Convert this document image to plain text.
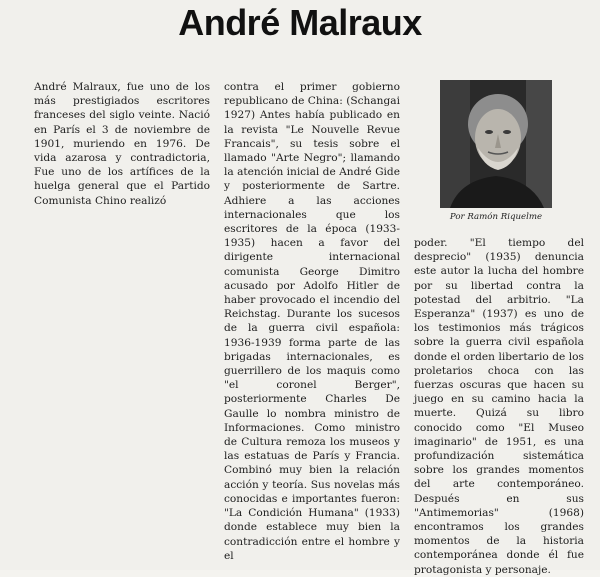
André Malraux

André Malraux, fue uno de los más prestigiados escritores franceses del siglo veinte. Nació en París el 3 de noviembre de 1901, muriendo en 1976. De vida azarosa y contradictoria, Fue uno de los artífices de la huelga general que el Partido Comunista Chino realizó

contra el primer gobierno republicano de China: (Schangai 1927) Antes había publicado en la revista "Le Nouvelle Revue Francais", su tesis sobre el llamado "Arte Negro"; llamando la atención inicial de André Gide y posteriormente de Sartre. Adhiere a las acciones internacionales que los escritores de la época (1933-1935) hacen a favor del dirigente internacional comunista George Dimitro acusado por Adolfo Hitler de haber provocado el incendio del Reichstag. Durante los sucesos de la guerra civil española: 1936-1939 forma parte de las brigadas internacionales, es guerrillero de los maquis como "el coronel Berger", posteriormente Charles De Gaulle lo nombra ministro de Informaciones. Como ministro de Cultura remoza los museos y las estatuas de París y Francia. Combinó muy bien la relación acción y teoría. Sus novelas más conocidas e importantes fueron: "La Condición Humana" (1933) donde establece muy bien la contradicción entre el hombre y el

Por Ramón Riquelme

poder. "El tiempo del desprecio" (1935) denuncia este autor la lucha del hombre por su libertad contra la potestad del arbitrio. "La Esperanza" (1937) es uno de los testimonios más trágicos sobre la guerra civil española donde el orden libertario de los proletarios choca con las fuerzas oscuras que hacen su juego en su camino hacia la muerte. Quizá su libro conocido como "El Museo imaginario" de 1951, es una profundización sistemática sobre los grandes momentos del arte contemporáneo. Después en sus "Antimemorias" (1968) encontramos los grandes momentos de la historia contemporánea donde él fue protagonista y personaje.
